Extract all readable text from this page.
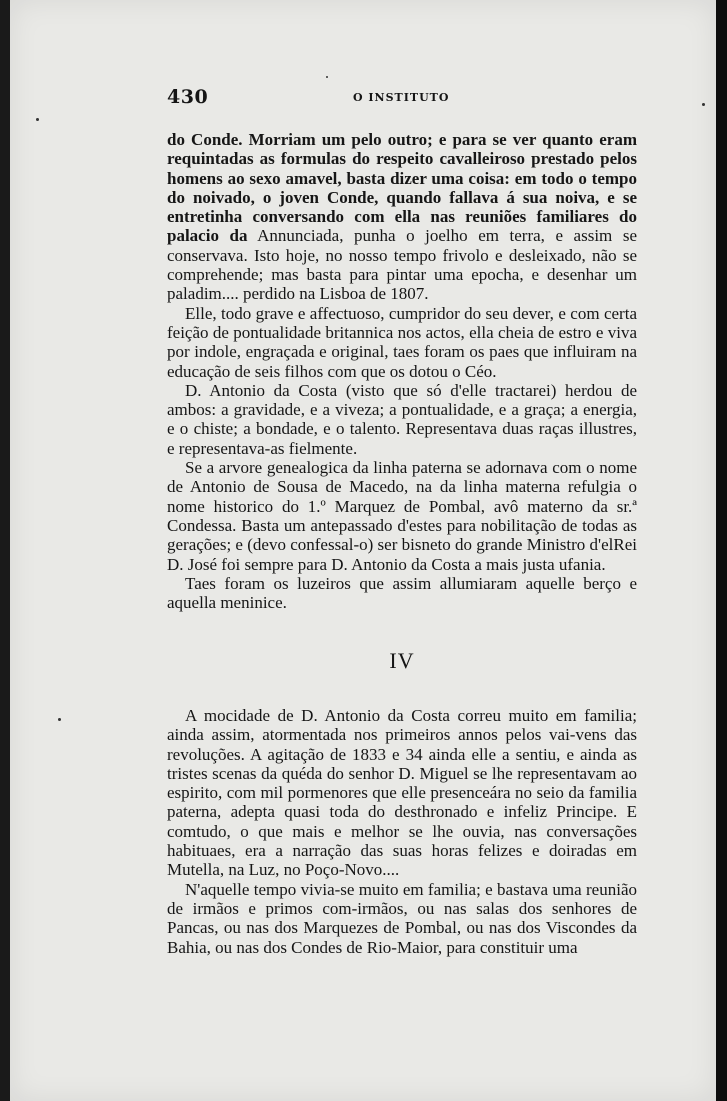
430	O INSTITUTO

do Conde. Morriam um pelo outro; e para se ver quanto eram requintadas as formulas do respeito cavalleiroso prestado pelos homens ao sexo amavel, basta dizer uma coisa: em todo o tempo do noivado, o joven Conde, quando fallava á sua noiva, e se entretinha conversando com ella nas reuniões familiares do palacio da Annunciada, punha o joelho em terra, e assim se conservava. Isto hoje, no nosso tempo frivolo e desleixado, não se comprehende; mas basta para pintar uma epocha, e desenhar um paladim.... perdido na Lisboa de 1807.

Elle, todo grave e affectuoso, cumpridor do seu dever, e com certa feição de pontualidade britannica nos actos, ella cheia de estro e viva por indole, engraçada e original, taes foram os paes que influiram na educação de seis filhos com que os dotou o Céo.

D. Antonio da Costa (visto que só d'elle tractarei) herdou de ambos: a gravidade, e a viveza; a pontualidade, e a graça; a energia, e o chiste; a bondade, e o talento. Representava duas raças illustres, e representava-as fielmente.

Se a arvore genealogica da linha paterna se adornava com o nome de Antonio de Sousa de Macedo, na da linha materna refulgia o nome historico do 1.º Marquez de Pombal, avô materno da sr.ª Condessa. Basta um antepassado d'estes para nobilitação de todas as gerações; e (devo confessal-o) ser bisneto do grande Ministro d'elRei D. José foi sempre para D. Antonio da Costa a mais justa ufania.

Taes foram os luzeiros que assim allumiaram aquelle berço e aquella meninice.

IV

A mocidade de D. Antonio da Costa correu muito em familia; ainda assim, atormentada nos primeiros annos pelos vai-vens das revoluções. A agitação de 1833 e 34 ainda elle a sentiu, e ainda as tristes scenas da quéda do senhor D. Miguel se lhe representavam ao espirito, com mil pormenores que elle presenceára no seio da familia paterna, adepta quasi toda do desthronado e infeliz Principe. E comtudo, o que mais e melhor se lhe ouvia, nas conversações habituaes, era a narração das suas horas felizes e doiradas em Mutella, na Luz, no Poço-Novo....

N'aquelle tempo vivia-se muito em familia; e bastava uma reunião de irmãos e primos com-irmãos, ou nas salas dos senhores de Pancas, ou nas dos Marquezes de Pombal, ou nas dos Viscondes da Bahia, ou nas dos Condes de Rio-Maior, para constituir uma
